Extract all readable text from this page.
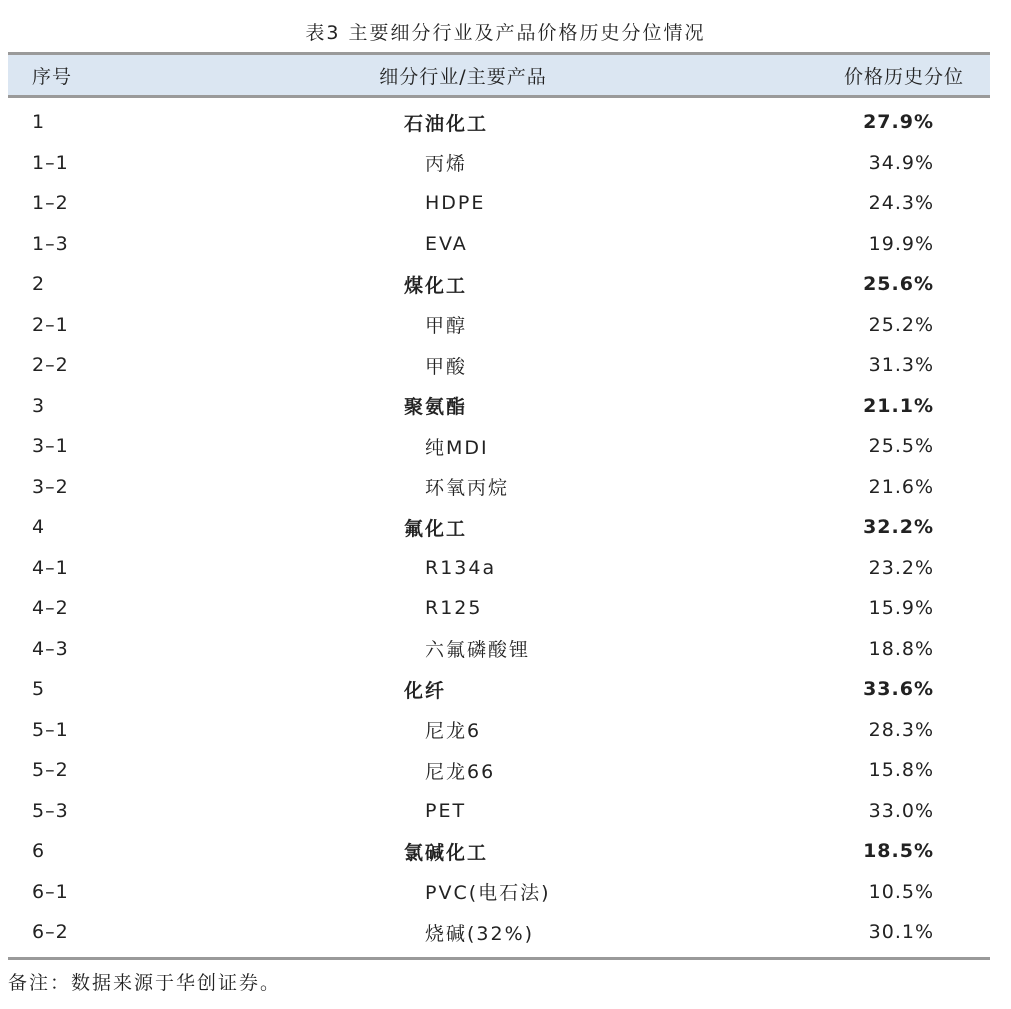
表3 主要细分行业及产品价格历史分位情况
序号	细分行业/主要产品	价格历史分位
1	石油化工	27.9%
1–1	丙烯	34.9%
1–2	HDPE	24.3%
1–3	EVA	19.9%
2	煤化工	25.6%
2–1	甲醇	25.2%
2–2	甲酸	31.3%
3	聚氨酯	21.1%
3–1	纯MDI	25.5%
3–2	环氧丙烷	21.6%
4	氟化工	32.2%
4–1	R134a	23.2%
4–2	R125	15.9%
4–3	六氟磷酸锂	18.8%
5	化纤	33.6%
5–1	尼龙6	28.3%
5–2	尼龙66	15.8%
5–3	PET	33.0%
6	氯碱化工	18.5%
6–1	PVC(电石法)	10.5%
6–2	烧碱(32%)	30.1%
备注：数据来源于华创证券。
